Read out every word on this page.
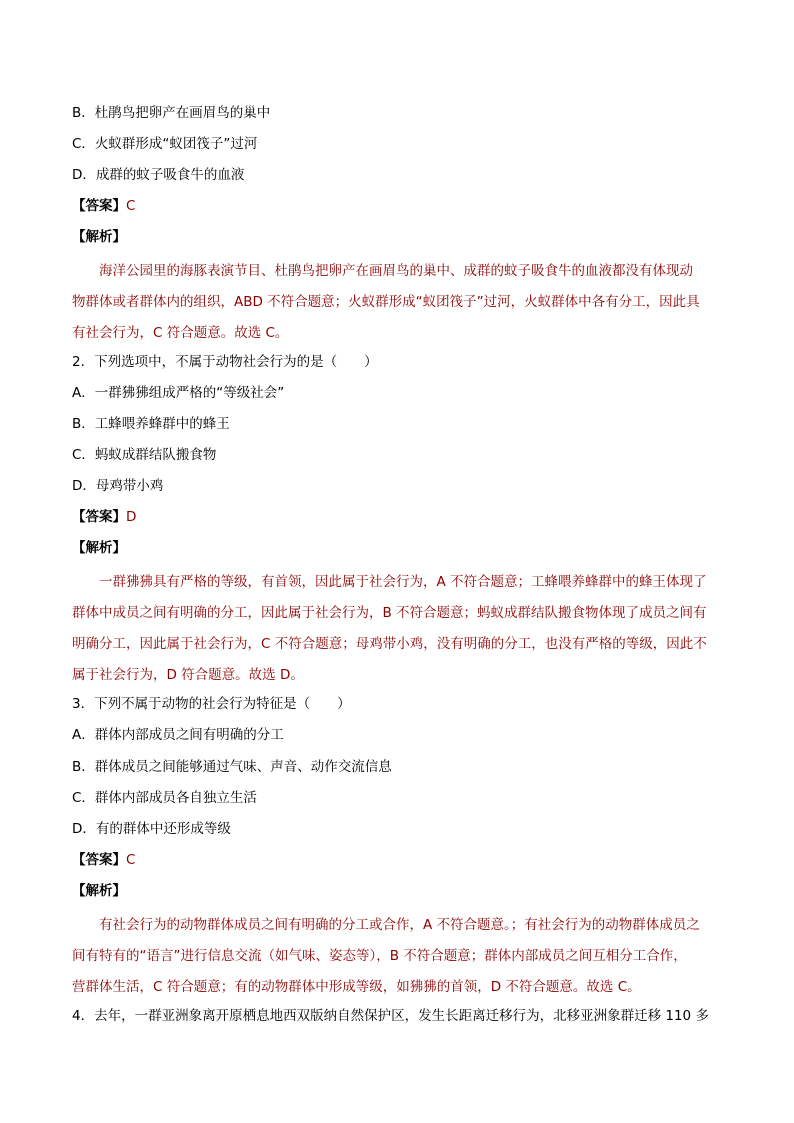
B．杜鹃鸟把卵产在画眉鸟的巢中
C．火蚁群形成“蚁团筏子”过河
D．成群的蚊子吸食牛的血液
【答案】C
【解析】
海洋公园里的海豚表演节目、杜鹃鸟把卵产在画眉鸟的巢中、成群的蚊子吸食牛的血液都没有体现动
物群体或者群体内的组织，ABD 不符合题意；火蚁群形成“蚁团筏子”过河，火蚁群体中各有分工，因此具
有社会行为，C 符合题意。故选 C。
2．下列选项中，不属于动物社会行为的是（　　）
A．一群狒狒组成严格的“等级社会”
B．工蜂喂养蜂群中的蜂王
C．蚂蚁成群结队搬食物
D．母鸡带小鸡
【答案】D
【解析】
一群狒狒具有严格的等级，有首领，因此属于社会行为，A 不符合题意；工蜂喂养蜂群中的蜂王体现了
群体中成员之间有明确的分工，因此属于社会行为，B 不符合题意；蚂蚁成群结队搬食物体现了成员之间有
明确分工，因此属于社会行为，C 不符合题意；母鸡带小鸡，没有明确的分工，也没有严格的等级，因此不
属于社会行为，D 符合题意。故选 D。
3．下列不属于动物的社会行为特征是（　　）
A．群体内部成员之间有明确的分工
B．群体成员之间能够通过气味、声音、动作交流信息
C．群体内部成员各自独立生活
D．有的群体中还形成等级
【答案】C
【解析】
有社会行为的动物群体成员之间有明确的分工或合作，A 不符合题意。；有社会行为的动物群体成员之
间有特有的“语言”进行信息交流（如气味、姿态等），B 不符合题意；群体内部成员之间互相分工合作，
营群体生活，C 符合题意；有的动物群体中形成等级，如狒狒的首领，D 不符合题意。故选 C。
4．去年，一群亚洲象离开原栖息地西双版纳自然保护区，发生长距离迁移行为，北移亚洲象群迁移 110 多
